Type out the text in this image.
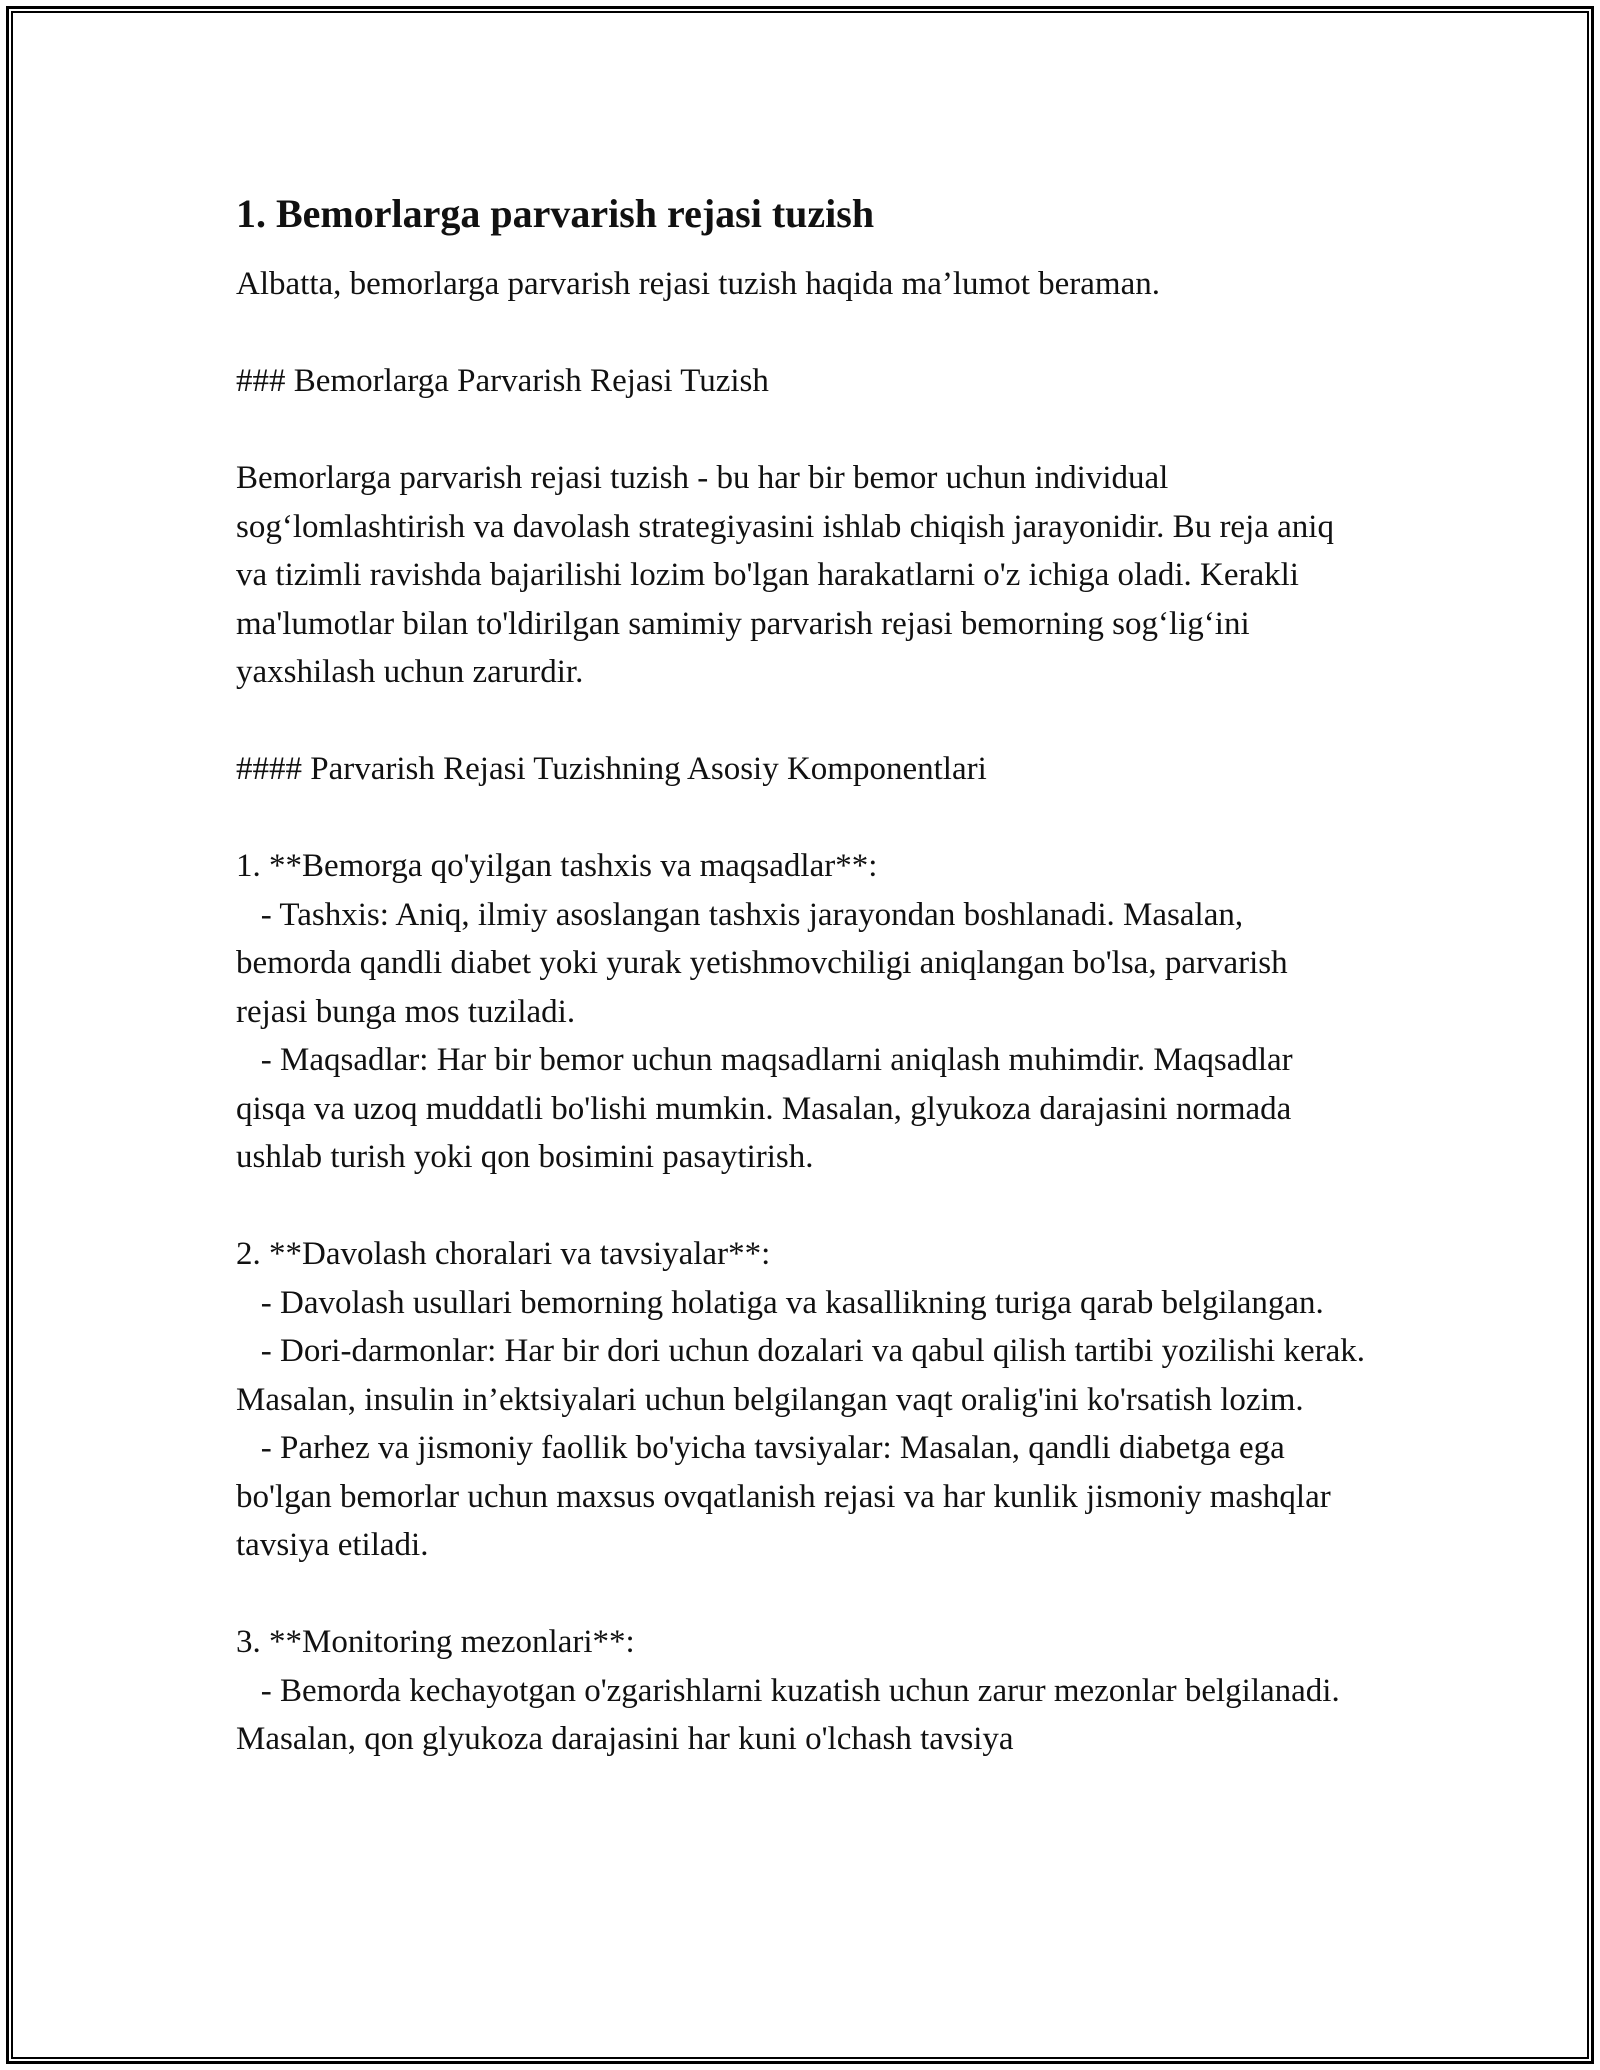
1. Bemorlarga parvarish rejasi tuzish

Albatta, bemorlarga parvarish rejasi tuzish haqida ma’lumot beraman.

### Bemorlarga Parvarish Rejasi Tuzish

Bemorlarga parvarish rejasi tuzish - bu har bir bemor uchun individual sog‘lomlashtirish va davolash strategiyasini ishlab chiqish jarayonidir. Bu reja aniq va tizimli ravishda bajarilishi lozim bo'lgan harakatlarni o'z ichiga oladi. Kerakli ma'lumotlar bilan to'ldirilgan samimiy parvarish rejasi bemorning sog‘lig‘ini yaxshilash uchun zarurdir.

#### Parvarish Rejasi Tuzishning Asosiy Komponentlari

1. **Bemorga qo'yilgan tashxis va maqsadlar**:

- Tashxis: Aniq, ilmiy asoslangan tashxis jarayondan boshlanadi. Masalan, bemorda qandli diabet yoki yurak yetishmovchiligi aniqlangan bo'lsa, parvarish rejasi bunga mos tuziladi.

- Maqsadlar: Har bir bemor uchun maqsadlarni aniqlash muhimdir. Maqsadlar qisqa va uzoq muddatli bo'lishi mumkin. Masalan, glyukoza darajasini normada ushlab turish yoki qon bosimini pasaytirish.

2. **Davolash choralari va tavsiyalar**:

- Davolash usullari bemorning holatiga va kasallikning turiga qarab belgilangan.

- Dori-darmonlar: Har bir dori uchun dozalari va qabul qilish tartibi yozilishi kerak. Masalan, insulin in’ektsiyalari uchun belgilangan vaqt oralig'ini ko'rsatish lozim.

- Parhez va jismoniy faollik bo'yicha tavsiyalar: Masalan, qandli diabetga ega bo'lgan bemorlar uchun maxsus ovqatlanish rejasi va har kunlik jismoniy mashqlar tavsiya etiladi.

3. **Monitoring mezonlari**:

- Bemorda kechayotgan o'zgarishlarni kuzatish uchun zarur mezonlar belgilanadi. Masalan, qon glyukoza darajasini har kuni o'lchash tavsiya
